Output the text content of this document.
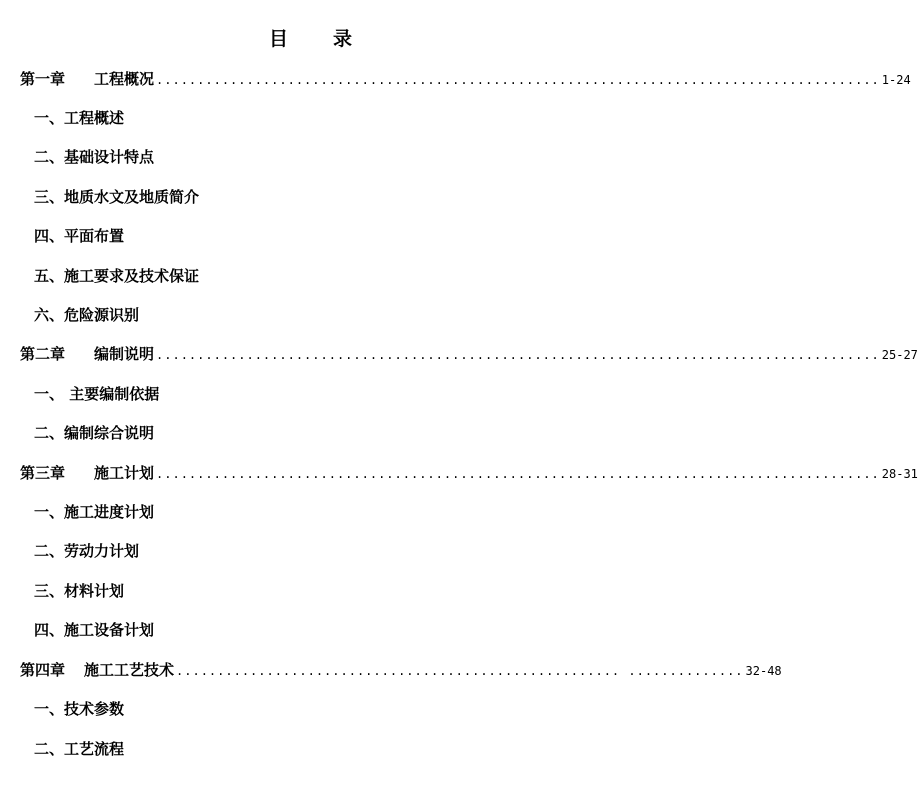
目 录
第一章	工程概况 ........................................................................................ 1-24
一、工程概述
二、基础设计特点
三、地质水文及地质简介
四、平面布置
五、施工要求及技术保证
六、危险源识别
第二章	编制说明 ........................................................................................ 25-27
一、 主要编制依据
二、编制综合说明
第三章	施工计划 ........................................................................................ 28-31
一、施工进度计划
二、劳动力计划
三、材料计划
四、施工设备计划
第四章	施工工艺技术 ...................................................... .............. 32-48
一、技术参数
二、工艺流程
